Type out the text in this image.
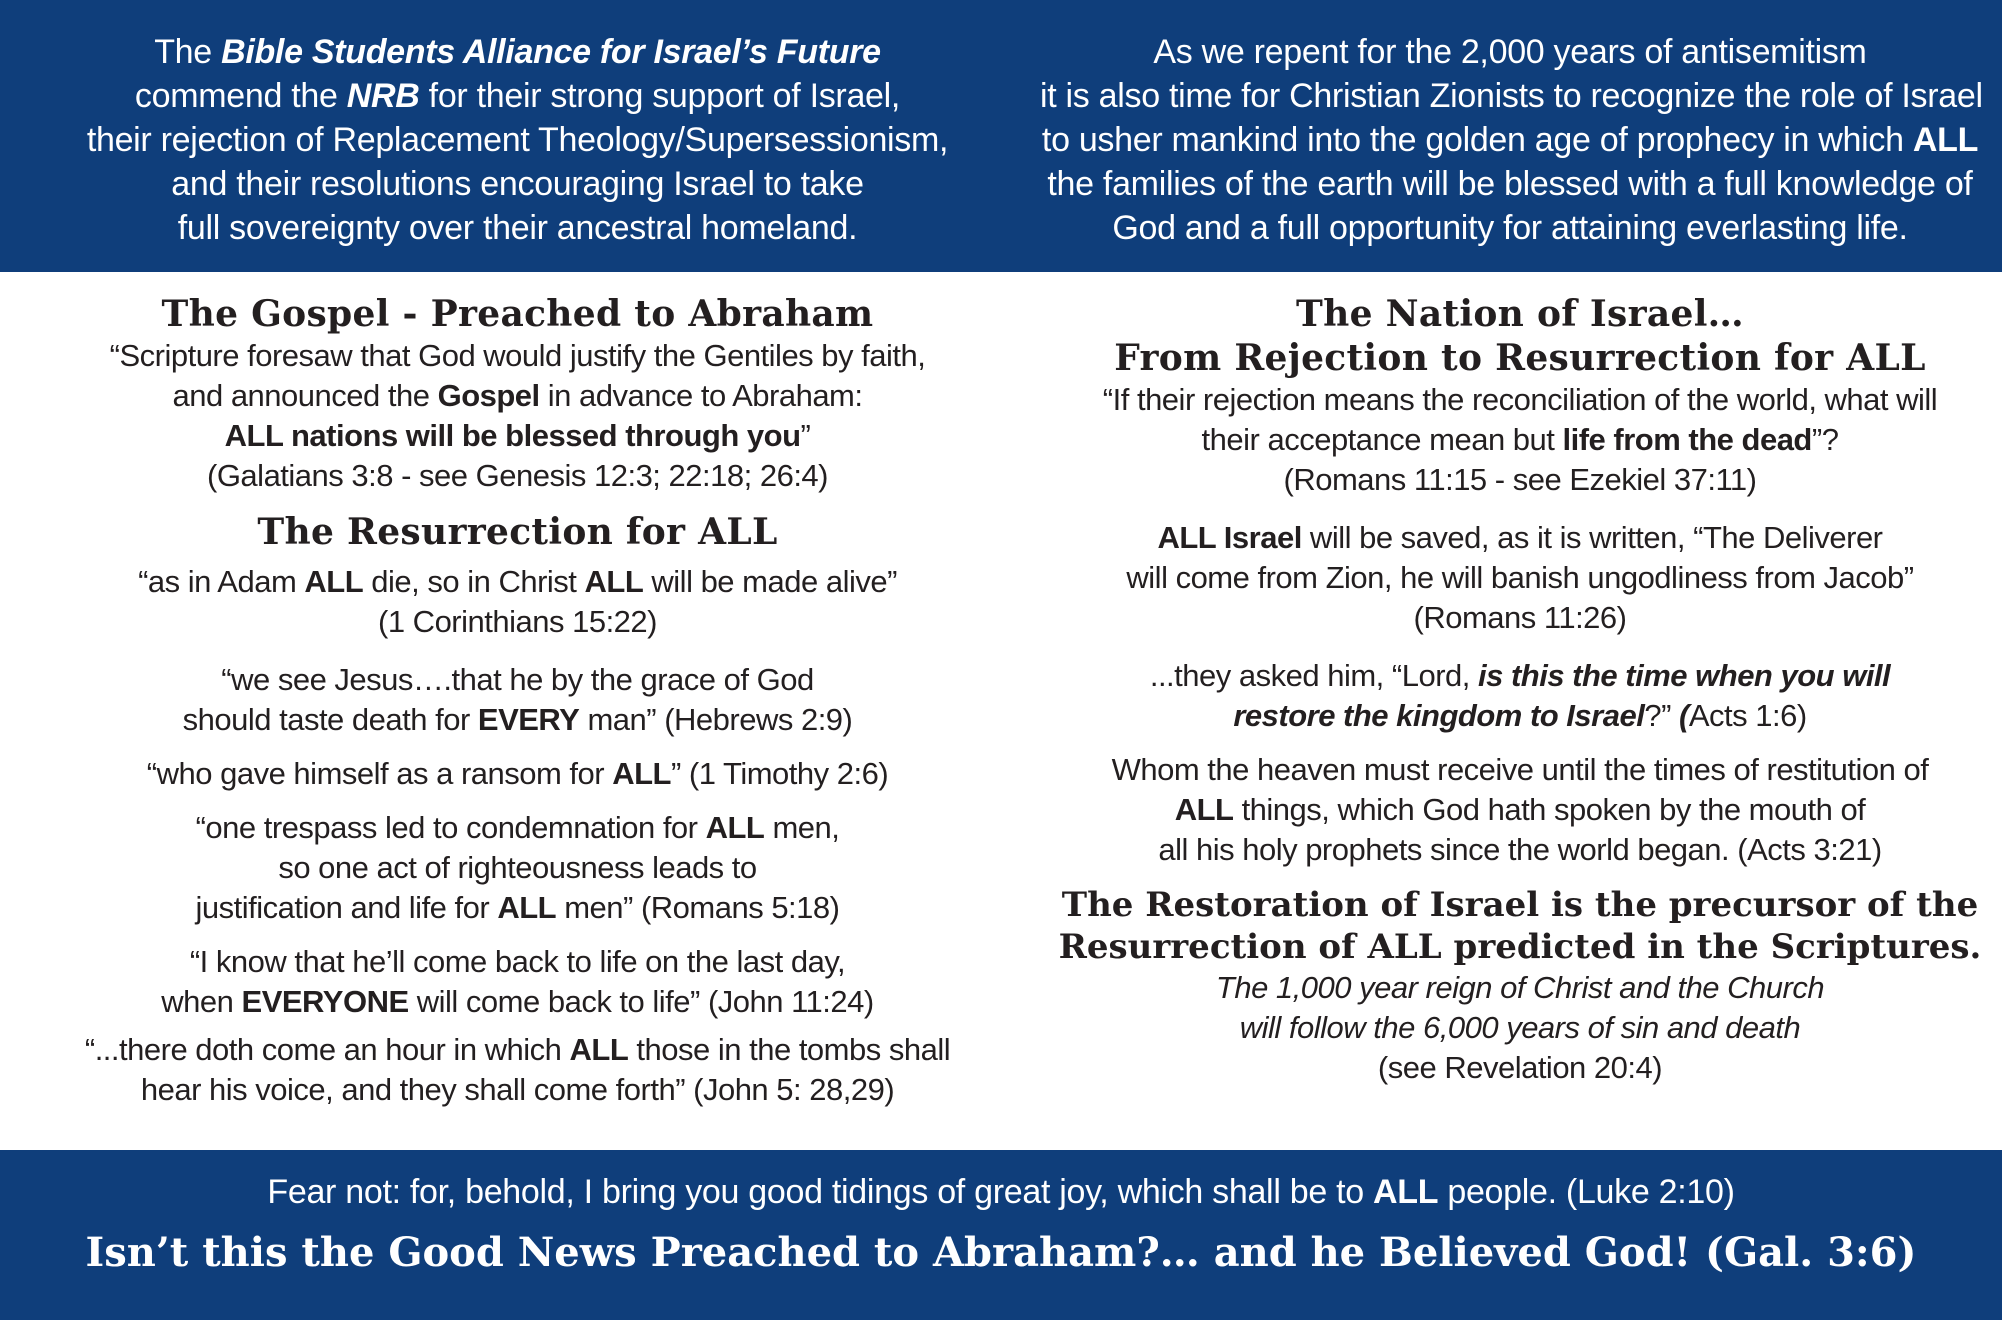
The Bible Students Alliance for Israel’s Future
commend the NRB for their strong support of Israel,
their rejection of Replacement Theology/Supersessionism,
and their resolutions encouraging Israel to take
full sovereignty over their ancestral homeland.
As we repent for the 2,000 years of antisemitism
it is also time for Christian Zionists to recognize the role of Israel
to usher mankind into the golden age of prophecy in which ALL
the families of the earth will be blessed with a full knowledge of
God and a full opportunity for attaining everlasting life.
The Gospel - Preached to Abraham
“Scripture foresaw that God would justify the Gentiles by faith,
and announced the Gospel in advance to Abraham:
ALL nations will be blessed through you”
(Galatians 3:8 - see Genesis 12:3; 22:18; 26:4)
The Resurrection for ALL
“as in Adam ALL die, so in Christ ALL will be made alive”
(1 Corinthians 15:22)
“we see Jesus….that he by the grace of God
should taste death for EVERY man” (Hebrews 2:9)
“who gave himself as a ransom for ALL” (1 Timothy 2:6)
“one trespass led to condemnation for ALL men,
so one act of righteousness leads to
justification and life for ALL men” (Romans 5:18)
“I know that he’ll come back to life on the last day,
when EVERYONE will come back to life” (John 11:24)
“...there doth come an hour in which ALL those in the tombs shall
hear his voice, and they shall come forth” (John 5: 28,29)
The Nation of Israel…
From Rejection to Resurrection for ALL
“If their rejection means the reconciliation of the world, what will
their acceptance mean but life from the dead”?
(Romans 11:15 - see Ezekiel 37:11)
ALL Israel will be saved, as it is written, “The Deliverer
will come from Zion, he will banish ungodliness from Jacob”
(Romans 11:26)
...they asked him, “Lord, is this the time when you will
restore the kingdom to Israel?” (Acts 1:6)
Whom the heaven must receive until the times of restitution of
ALL things, which God hath spoken by the mouth of
all his holy prophets since the world began. (Acts 3:21)
The Restoration of Israel is the precursor of the
Resurrection of ALL predicted in the Scriptures.
The 1,000 year reign of Christ and the Church
will follow the 6,000 years of sin and death
(see Revelation 20:4)
Fear not: for, behold, I bring you good tidings of great joy, which shall be to ALL people. (Luke 2:10)
Isn’t this the Good News Preached to Abraham?… and he Believed God! (Gal. 3:6)
